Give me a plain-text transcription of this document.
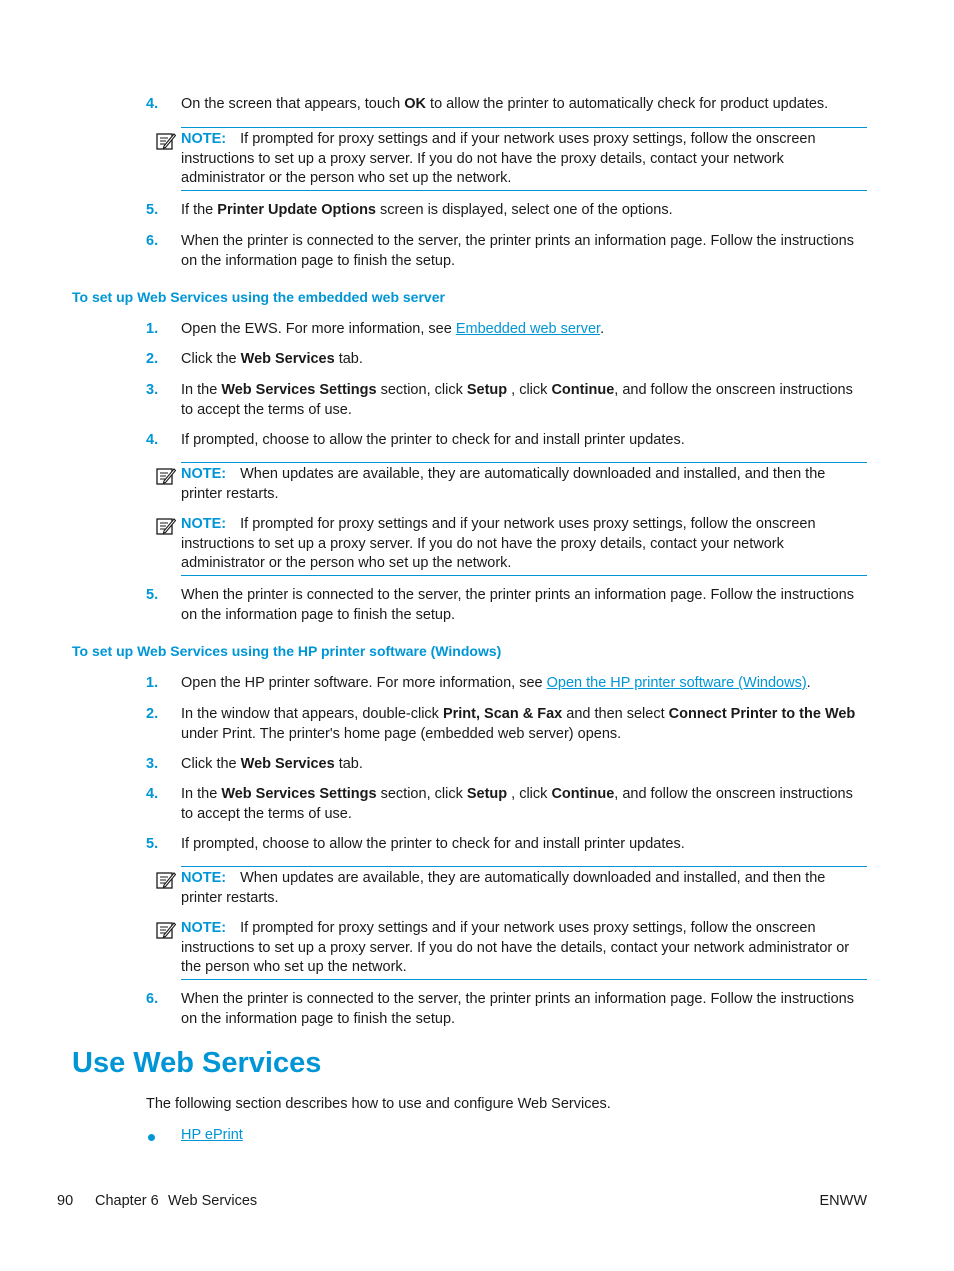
4. On the screen that appears, touch OK to allow the printer to automatically check for product updates.
NOTE: If prompted for proxy settings and if your network uses proxy settings, follow the onscreen instructions to set up a proxy server. If you do not have the proxy details, contact your network administrator or the person who set up the network.
5. If the Printer Update Options screen is displayed, select one of the options.
6. When the printer is connected to the server, the printer prints an information page. Follow the instructions on the information page to finish the setup.
To set up Web Services using the embedded web server
1. Open the EWS. For more information, see Embedded web server.
2. Click the Web Services tab.
3. In the Web Services Settings section, click Setup , click Continue, and follow the onscreen instructions to accept the terms of use.
4. If prompted, choose to allow the printer to check for and install printer updates.
NOTE: When updates are available, they are automatically downloaded and installed, and then the printer restarts.
NOTE: If prompted for proxy settings and if your network uses proxy settings, follow the onscreen instructions to set up a proxy server. If you do not have the proxy details, contact your network administrator or the person who set up the network.
5. When the printer is connected to the server, the printer prints an information page. Follow the instructions on the information page to finish the setup.
To set up Web Services using the HP printer software (Windows)
1. Open the HP printer software. For more information, see Open the HP printer software (Windows).
2. In the window that appears, double-click Print, Scan & Fax and then select Connect Printer to the Web under Print. The printer's home page (embedded web server) opens.
3. Click the Web Services tab.
4. In the Web Services Settings section, click Setup , click Continue, and follow the onscreen instructions to accept the terms of use.
5. If prompted, choose to allow the printer to check for and install printer updates.
NOTE: When updates are available, they are automatically downloaded and installed, and then the printer restarts.
NOTE: If prompted for proxy settings and if your network uses proxy settings, follow the onscreen instructions to set up a proxy server. If you do not have the details, contact your network administrator or the person who set up the network.
6. When the printer is connected to the server, the printer prints an information page. Follow the instructions on the information page to finish the setup.
Use Web Services
The following section describes how to use and configure Web Services.
HP ePrint
90 Chapter 6 Web Services	ENWW
